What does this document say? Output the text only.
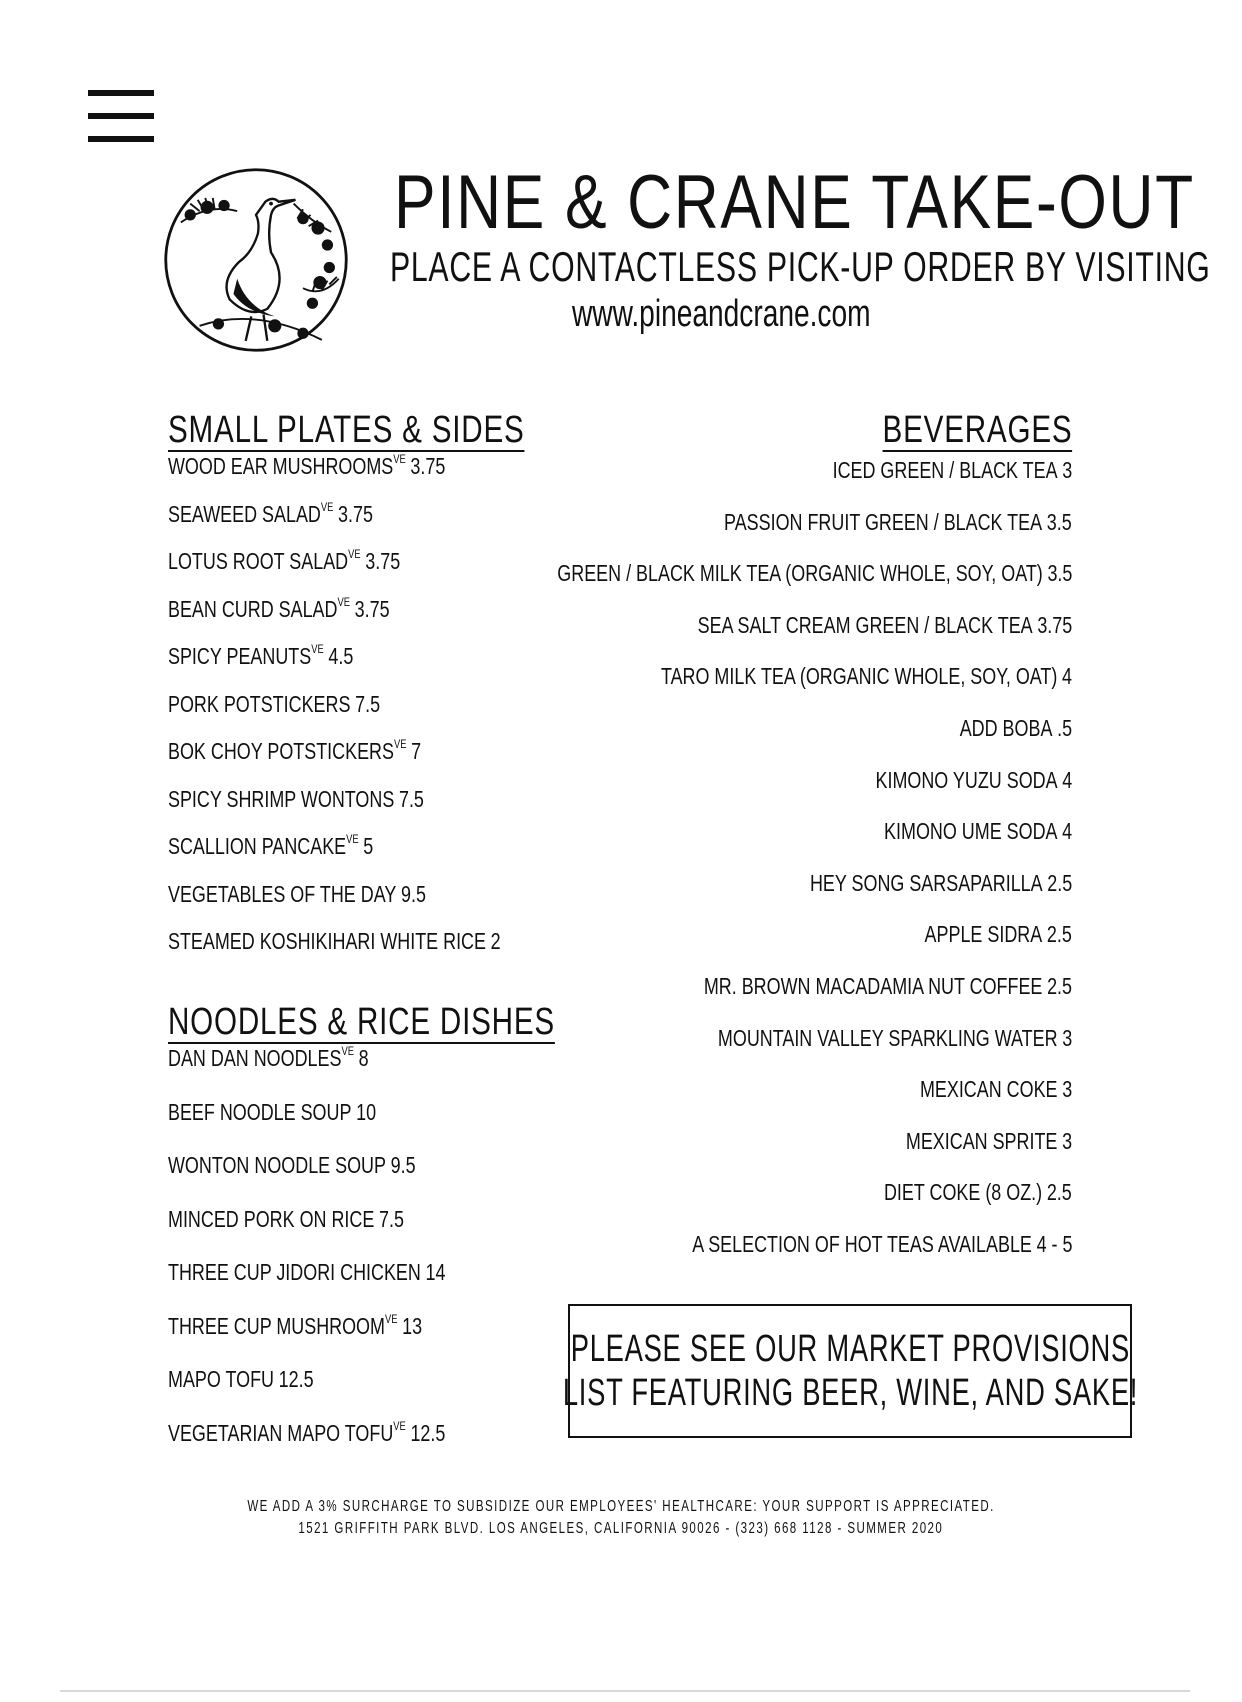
PINE & CRANE TAKE-OUT
PLACE A CONTACTLESS PICK-UP ORDER BY VISITING
www.pineandcrane.com
SMALL PLATES & SIDES
WOOD EAR $MUSHROOMS^{VE}$ 3.75
SEAWEED $SALAD^{VE}$ 3.75
LOTUS ROOT $SALAD^{VE}$ 3.75
BEAN CURD $SALAD^{VE}$ 3.75
SPICY $PEANUTS^{VE}$ 4.5
PORK POTSTICKERS 7.5
BOK CHOY $POTSTICKERS^{VE}$ 7
SPICY SHRIMP WONTONS 7.5
SCALLION $PANCAKE^{VE}$ 5
VEGETABLES OF THE DAY 9.5
STEAMED KOSHIKIHARI WHITE RICE 2
NOODLES & RICE DISHES
DAN DAN $NOODLES^{VE}$ 8
BEEF NOODLE SOUP 10
WONTON NOODLE SOUP 9.5
MINCED PORK ON RICE 7.5
THREE CUP JIDORI CHICKEN 14
THREE CUP $MUSHROOM^{VE}$ 13
MAPO TOFU 12.5
VEGETARIAN MAPO $TOFU^{VE}$ 12.5
BEVERAGES
ICED GREEN / BLACK TEA 3
PASSION FRUIT GREEN / BLACK TEA 3.5
GREEN / BLACK MILK TEA (ORGANIC WHOLE, SOY, OAT) 3.5
SEA SALT CREAM GREEN / BLACK TEA 3.75
TARO MILK TEA (ORGANIC WHOLE, SOY, OAT) 4
ADD BOBA .5
KIMONO YUZU SODA 4
KIMONO UME SODA 4
HEY SONG SARSAPARILLA 2.5
APPLE SIDRA 2.5
MR. BROWN MACADAMIA NUT COFFEE 2.5
MOUNTAIN VALLEY SPARKLING WATER 3
MEXICAN COKE 3
MEXICAN SPRITE 3
DIET COKE (8 OZ.) 2.5
A SELECTION OF HOT TEAS AVAILABLE 4 - 5
PLEASE SEE OUR MARKET PROVISIONS
LIST FEATURING BEER, WINE, AND SAKE!
WE ADD A 3% SURCHARGE TO SUBSIDIZE OUR EMPLOYEES' HEALTHCARE: YOUR SUPPORT IS APPRECIATED.
1521 GRIFFITH PARK BLVD. LOS ANGELES, CALIFORNIA 90026 - (323) 668 1128 - SUMMER 2020
